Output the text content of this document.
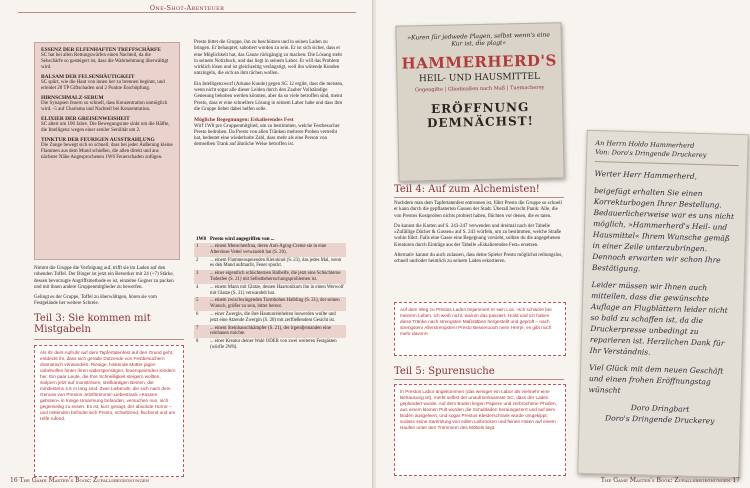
One-Shot-Abenteuer

ESSENZ DER ELFENHAFTEN TREFFSCHÄRFE
SC hat bei allen Rettungswürfen einen Nachteil, da die Sehschärfe so gesteigert ist, dass die Wahrnehmung überwältigt wird.

BALSAM DER FELSENHÄUTIGKEIT
SC spürt, wie die Haut von innen her zu brennen beginnt, und erleidet 20 TP Giftschaden und 2 Punkte Erschöpfung.

HIRNSCHMALZ-SERUM
Die Synapsen feuern so schnell, dass Konzentration unmöglich wird. -5 auf Charisma und Nachteil bei Konzentration.

ELIXIER DER GREISENWEISHEIT
SC altert um 100 Jahre. Die Bewegungsrate sinkt um die Hälfte, die Intelligenz wegen einer seniler Senilität um 2.

TINKTUR DER FEURIGEN AUSSTRAHLUNG
Die Zunge bewegt sich so schnell, dass bei jeder Äußerung kleine Flammen aus dem Mund schießen, die allen direkt und aus nächster Nähe Angesprochenen 1W6 Feuerschaden zufügen.

Nimmt die Gruppe die Verfolgung auf, trifft sie im Laden auf den rohenden Toffel. Der Ringer ist jetzt ein Berserker mit 24 (+7) Stärke, dessen bevorzugte Angriffsmethode es ist, einzelne Gegner zu packen und mit ihnen andere Gruppenmitglieder zu bewerfen.
Gelingt es der Gruppe, Toffel zu überwältigen, hören sie vom Festgelände her weitere Schreie.
Teil 3: Sie kommen mit Mistgabeln
Als ihr dem Aufruhr auf dem Tapfertatenfest auf den Grund geht, entdeckt ihr, dass sich gerade Dutzende von Festbesuchern dramatisch verwandeln. Riesige, hinkende Mütter jagen unbeholfen hinter ihren widerspenstigen, feuerspeienden Kindern her. Ein paar Leute, die Ihre Schnelligkeit steigern wollten, stolpern jetzt auf monströsen, steilkantigen Beinen, die mindestens 4,5 m lang sind. Zwei Liebende, die sich nach dem Genuss von Prestos Jetztfürimmer-Liebestrank »Küssen geboten« in Innige Umarmung befanden, versuchen nun, sich gegenseitig zu essen. Es ist, kurz gesagt, der absolute Horror – und mittendrin befindet sich Presto, schwitzend, fluchend und um Hilfe rufend.
Presto bittet die Gruppe, ihn zu beschützen und in seinen Laden zu bringen. Er behauptet, sabotiert worden zu sein. Er ist sich sicher, dass er eine Möglichkeit hat, das Ganze rückgängig zu machen: Die Lösung steht in seinem Notizbuch, und das liegt in seinem Labor. Er will das Problem wirklich lösen und ist gleichzeitig verängstigt, weil ihn wütende Kunden umzingeln, die sich an ihm rächen wollen.
Ein Intelligenzwurf (Arkane Kunde) gegen SG 12 ergibt, dass die meisten, wenn nicht sogar alle dieser Leiden durch den Zauber Vollständige Genesung behoben werden könnten, aber da so viele betroffen sind, meint Presto, dass er eine schnellere Lösung in seinem Labor habe und dass ihm die Gruppe lieber dabei helfen solle.
Mögliche Begegnungen: Eskalierendes Fest
Wirf 1W8 pro Gruppenmitglied, um zu bestimmen, welche Festbesucher Presto bedrohen. Da Presto von allen Tränken mehrere Proben vertreibt hat, bedeutet eine wiederholte Zahl, dass mehr als eine Person von demselben Trank auf ähnliche Weise betroffen ist.
1W8	Presto wird angegriffen von ...
1	... einem Menschenfrau, deren Anti-Aging-Creme sie in eine Alterslose Vettel verwandelt hat (S. 20).
2	... einem Flammenspeienden Kleinkind (S. 23), das jedes Mal, wenn es den Mund aufmacht, Feuer spuckt.
3	... einer eigentlich schüchternen Halbelfe, die jetzt eine Schüchterne Todesfee (S. 21) mit Selbstbeherrschungsproblemen ist.
4	... einem Mann mit Glatze, dessen Haartonikum ihn in einen Werwolf mit Glatze (S. 21) verwandelt hat.
5	... einem zwischwingenden Turmhohen Halbling (S. 21), der seinen Wunsch, größer zu sein, bitter bereut.
6	... einer Zwergin, die ihre Hautunreinheiten loswerden wollte und jetzt eine Atzende Zwergin (S. 20) mit zerfließendem Gesicht ist.
7	... einem Steinbauschkämpfer (S. 21), der irgendjemanden eine reinhauen möchte.
8	... einer Kreatur deiner Wahl ODER von zwei weiteren Festgästen (würfle 2W8).
16 The Game Master's Book: Zufallsbegegnungen
»Kuren für jedwede Plagen, selbst wenn's eine Kur ist, die plagt«
HAMMERHERD'S
HEIL- UND HAUSMITTEL
Gegengifte | Gliedmaßen nach Maß | Tuemacherey
ERÖFFNUNG
DEMNÄCHST!
Teil 4: Auf zum Alchemisten!
Nachdem man dem Tapfertatenfest entronnen ist, führt Presto die Gruppe so schnell er kann durch die gepflasterten Gassen der Stadt. Überall herrscht Panik: Alle, die von Prestos Kostproben nichts probiert haben, flüchten vor denen, die es taten.
Du kannst die Karten auf S. 243-247 verwenden und dreimal nach der Tabelle »Zufällige Dächer & Gassen« auf S. 243 würfeln, um zu bestimmen, welche Straße wohin führt. Falls eine Gasse eine Begegnung vorsieht, sollten du die angegebenen Kreaturen durch Einträge aus der Tabelle »Eskalierendes Fest« ersetzen.
Alternativ kannst du auch zulassen, dass deine Spieler Presto möglichst reibungslos, schnell und/oder heimlich zu seinem Laden eskortieren.
Auf dem Weg zu Prestos Laden bejammert er sein Los. »Ich schwöre bei meinem Leben, ich weiß nicht, warum das passiert. Hoild und ich haben diese Tränke nach strengsten Maßstäben hergestellt und geprüft – nach strengsten! Allerstrengsten! Presto Besseroooh nein! Herrje, es gibt noch mehr davon!«
Teil 5: Spurensuche
In Prestos Labor angekommen (das weniger ein Labor als vielmehr eine Behausung ist), merkt selbst der unaufmerksamste SC, dass der Laden geplündert wurde. Auf dem Boden liegen Papiere und zerbrochene Phiolen, aus einem kleinen Pult wurden die Schubladen herausgezerrt und auf dem Boden ausgeleert, und sogar Prestos Kleiderschrank wurde umgekippt, sodass seine Sammlung von edlen Leibröcken und feinen Hüten auf einem Haufen unter den Trümmern des Möbels liegt.
An Herrn Holdo Hammerherd
Von: Doro's Dringende Druckerey
Werter Herr Hammerherd,
beigefügt erhalten Sie einen Korrekturbogen Ihrer Bestellung. Bedauerlicherweise war es uns nicht möglich, »Hammerherd's Heil- und Hausmittel« Ihrem Wunsche gemäß in einer Zeile unterzubringen. Dennoch erwarten wir schon Ihre Bestätigung.
Leider müssen wir Ihnen auch mitteilen, dass die gewünschte Auflage an Flugblättern leider nicht so bald zu schaffen ist, da die Druckerpresse unbedingt zu reparieren ist. Herzlichen Dank für Ihr Verständnis.
Viel Glück mit dem neuen Geschäft und einen frohen Eröffnungstag wünscht
Doro Dringbart
Doro's Dringende Druckerey
The Game Master's Book: Zufallsbegegnungen 17
